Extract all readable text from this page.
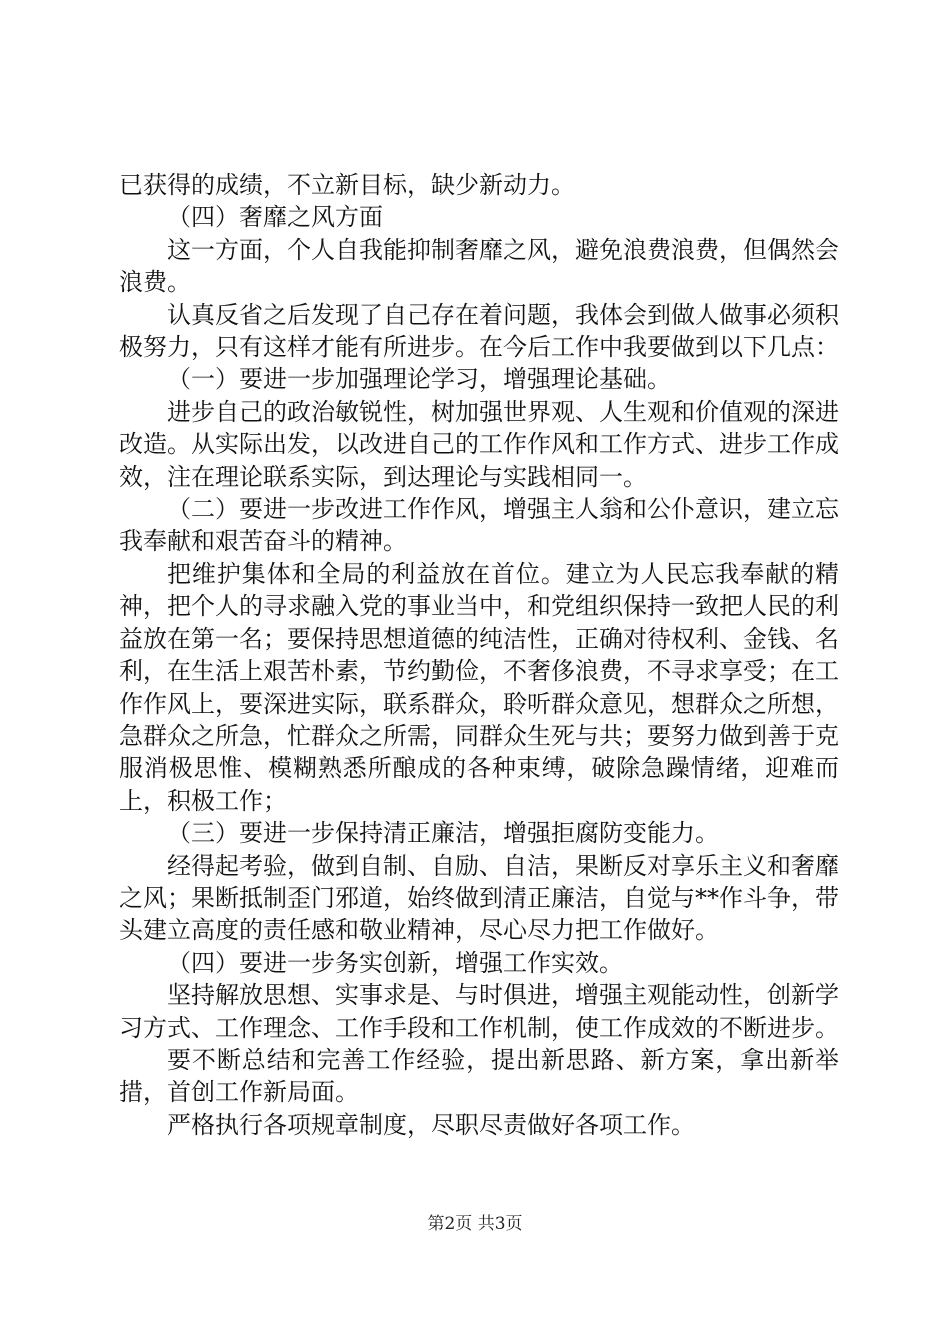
已获得的成绩，不立新目标，缺少新动力。

（四）奢靡之风方面

这一方面，个人自我能抑制奢靡之风，避免浪费浪费，但偶然会浪费。

认真反省之后发现了自己存在着问题，我体会到做人做事必须积极努力，只有这样才能有所进步。在今后工作中我要做到以下几点：

（一）要进一步加强理论学习，增强理论基础。

进步自己的政治敏锐性，树加强世界观、人生观和价值观的深进改造。从实际出发，以改进自己的工作作风和工作方式、进步工作成效，注在理论联系实际，到达理论与实践相同一。

（二）要进一步改进工作作风，增强主人翁和公仆意识，建立忘我奉献和艰苦奋斗的精神。

把维护集体和全局的利益放在首位。建立为人民忘我奉献的精神，把个人的寻求融入党的事业当中，和党组织保持一致把人民的利益放在第一名；要保持思想道德的纯洁性，正确对待权利、金钱、名利，在生活上艰苦朴素，节约勤俭，不奢侈浪费，不寻求享受；在工作作风上，要深进实际，联系群众，聆听群众意见，想群众之所想，急群众之所急，忙群众之所需，同群众生死与共；要努力做到善于克服消极思惟、模糊熟悉所酿成的各种束缚，破除急躁情绪，迎难而上，积极工作；

（三）要进一步保持清正廉洁，增强拒腐防变能力。

经得起考验，做到自制、自励、自洁，果断反对享乐主义和奢靡之风；果断抵制歪门邪道，始终做到清正廉洁，自觉与**作斗争，带头建立高度的责任感和敬业精神，尽心尽力把工作做好。

（四）要进一步务实创新，增强工作实效。

坚持解放思想、实事求是、与时俱进，增强主观能动性，创新学习方式、工作理念、工作手段和工作机制，使工作成效的不断进步。

要不断总结和完善工作经验，提出新思路、新方案，拿出新举措，首创工作新局面。

严格执行各项规章制度，尽职尽责做好各项工作。

第2页 共3页
